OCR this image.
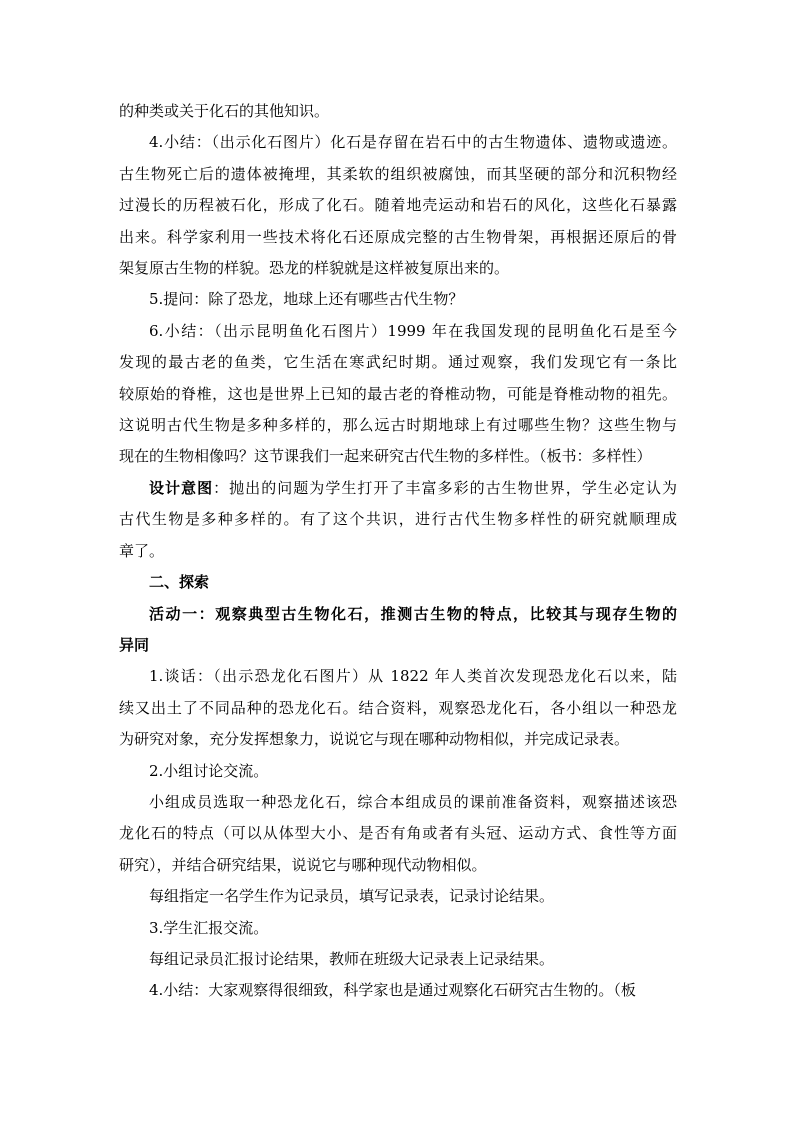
的种类或关于化石的其他知识。

4.小结：（出示化石图片）化石是存留在岩石中的古生物遗体、遗物或遗迹。

古生物死亡后的遗体被掩埋，其柔软的组织被腐蚀，而其坚硬的部分和沉积物经

过漫长的历程被石化，形成了化石。随着地壳运动和岩石的风化，这些化石暴露

出来。科学家利用一些技术将化石还原成完整的古生物骨架，再根据还原后的骨

架复原古生物的样貌。恐龙的样貌就是这样被复原出来的。

5.提问：除了恐龙，地球上还有哪些古代生物？

6.小结：（出示昆明鱼化石图片）1999 年在我国发现的昆明鱼化石是至今

发现的最古老的鱼类，它生活在寒武纪时期。通过观察，我们发现它有一条比

较原始的脊椎，这也是世界上已知的最古老的脊椎动物，可能是脊椎动物的祖先。

这说明古代生物是多种多样的，那么远古时期地球上有过哪些生物？这些生物与

现在的生物相像吗？这节课我们一起来研究古代生物的多样性。（板书：多样性）

设计意图：抛出的问题为学生打开了丰富多彩的古生物世界，学生必定认为

古代生物是多种多样的。有了这个共识，进行古代生物多样性的研究就顺理成

章了。

二、探索

活动一：观察典型古生物化石，推测古生物的特点，比较其与现存生物的

异同

1.谈话：（出示恐龙化石图片）从 1822 年人类首次发现恐龙化石以来，陆

续又出土了不同品种的恐龙化石。结合资料，观察恐龙化石，各小组以一种恐龙

为研究对象，充分发挥想象力，说说它与现在哪种动物相似，并完成记录表。

2.小组讨论交流。

小组成员选取一种恐龙化石，综合本组成员的课前准备资料，观察描述该恐

龙化石的特点（可以从体型大小、是否有角或者有头冠、运动方式、食性等方面

研究），并结合研究结果，说说它与哪种现代动物相似。

每组指定一名学生作为记录员，填写记录表，记录讨论结果。

3.学生汇报交流。

每组记录员汇报讨论结果，教师在班级大记录表上记录结果。

4.小结：大家观察得很细致，科学家也是通过观察化石研究古生物的。（板
